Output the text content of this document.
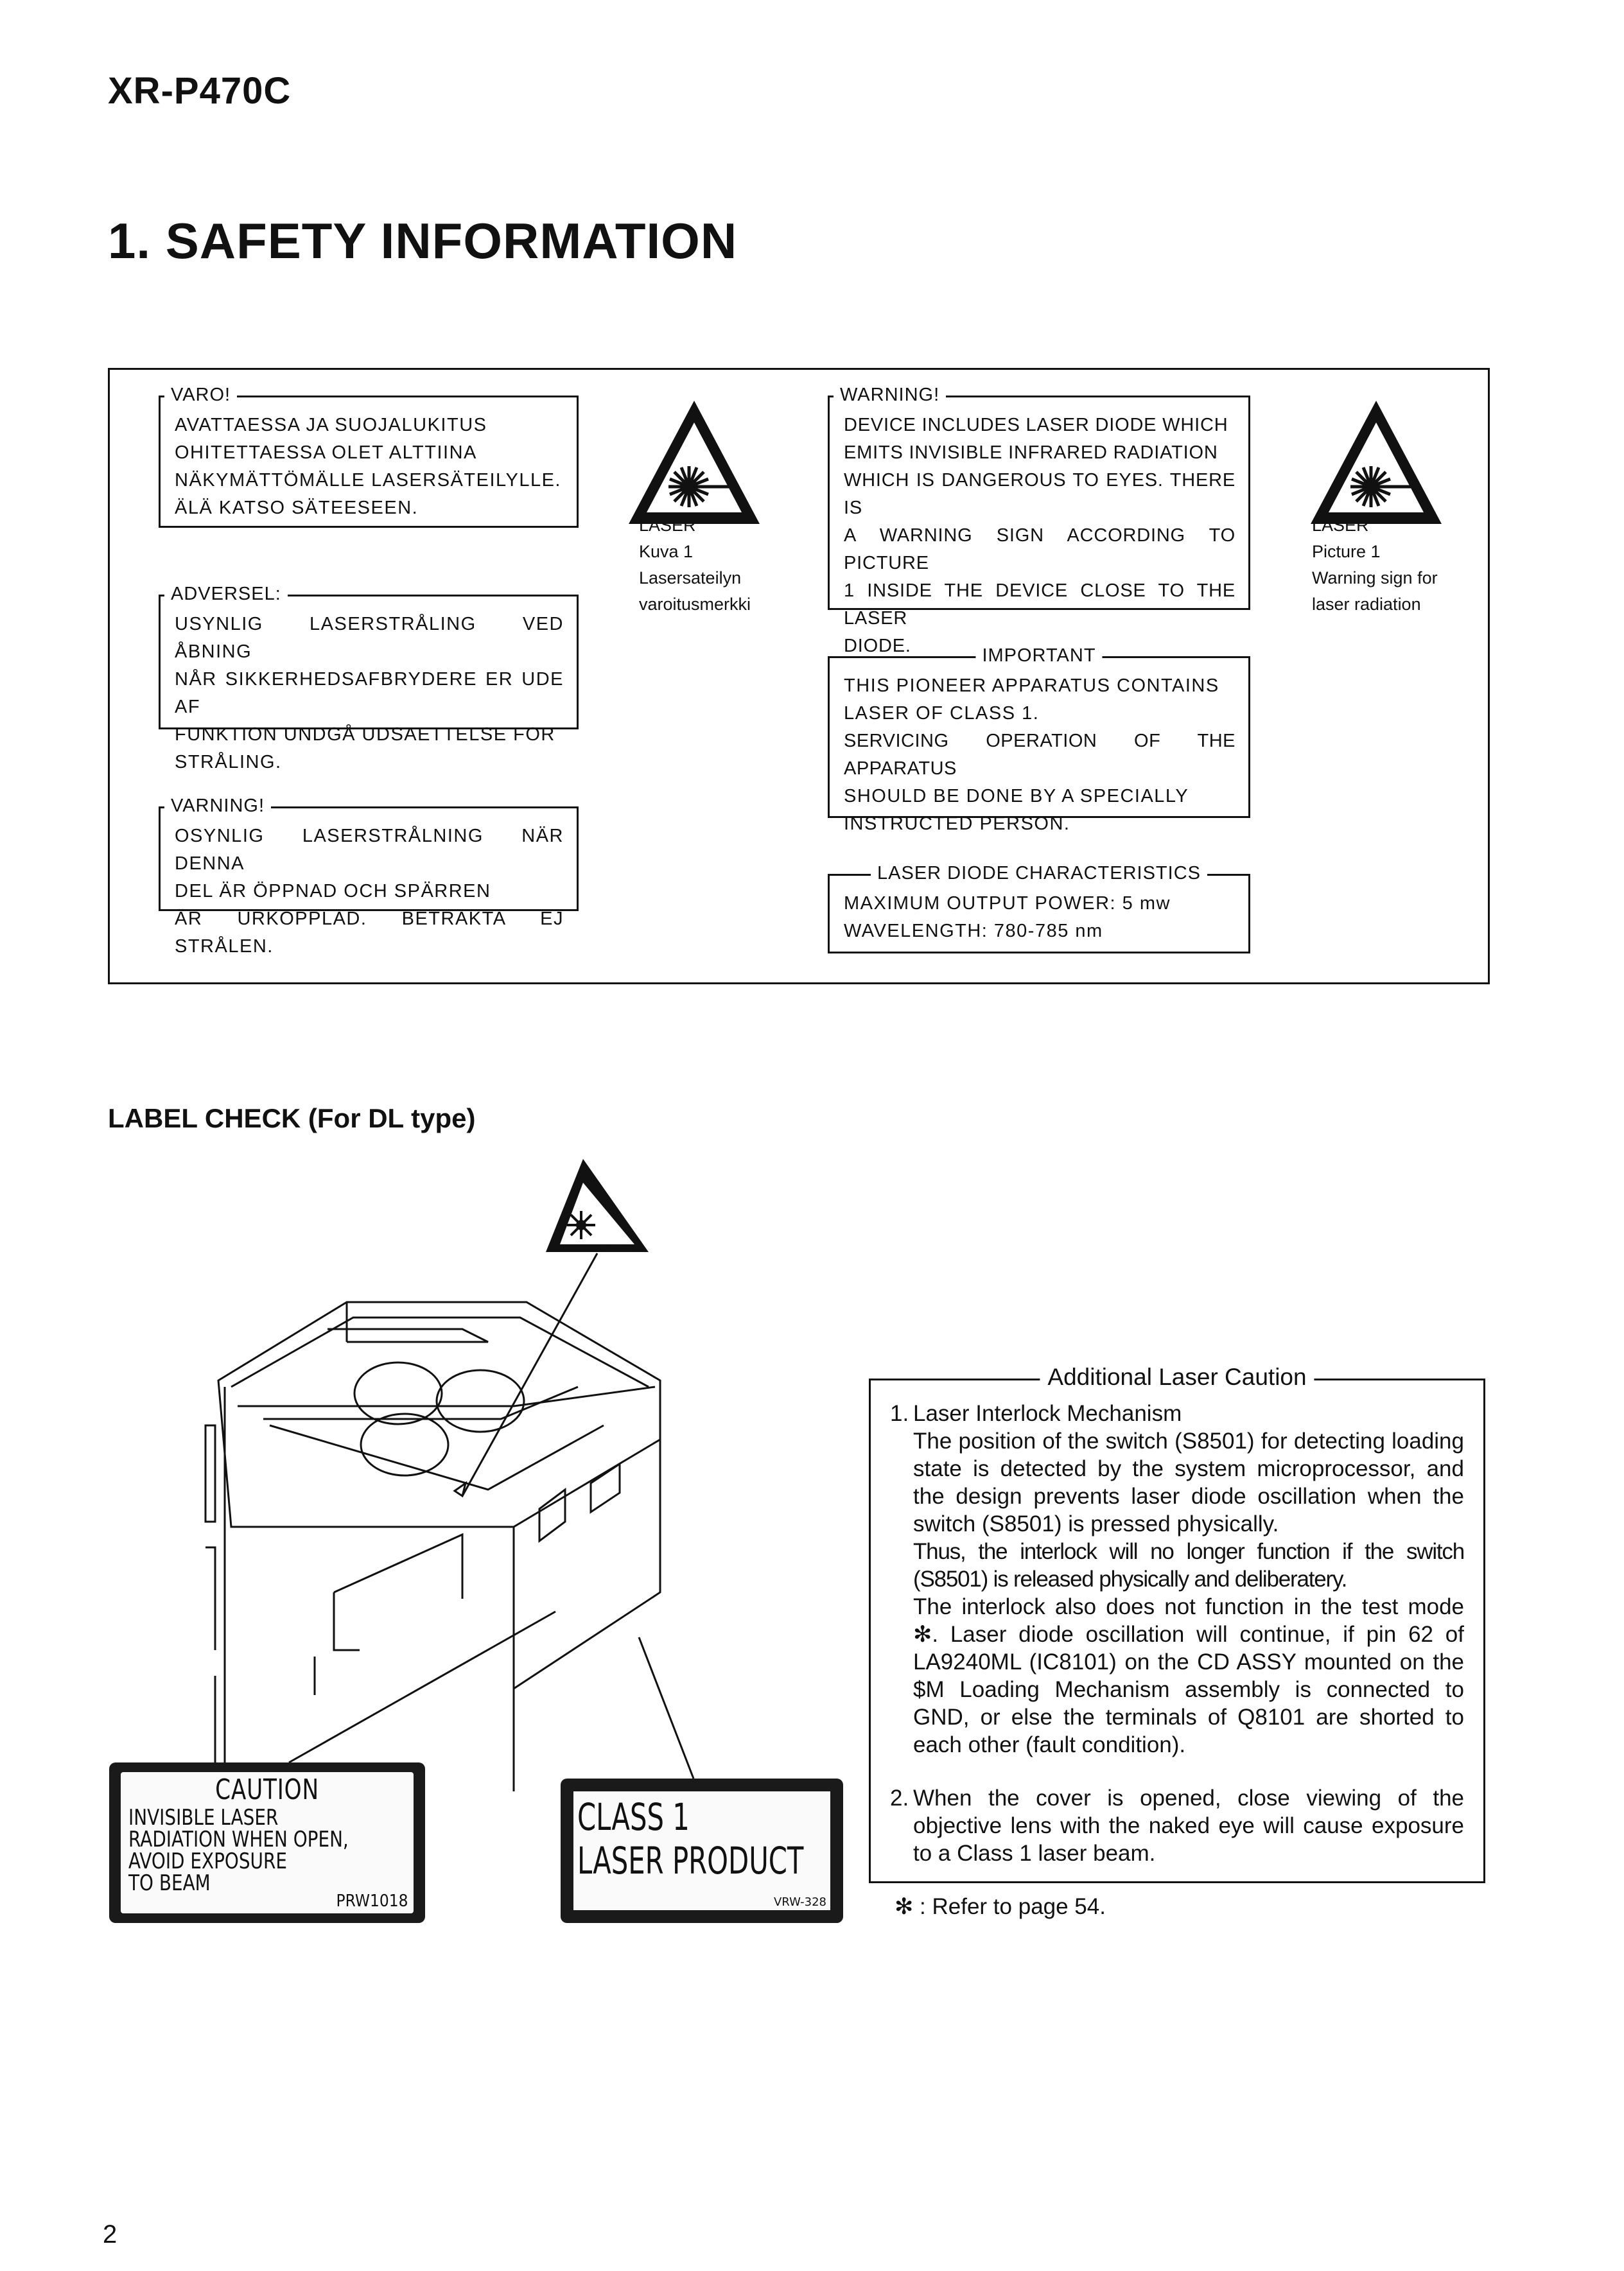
XR-P470C
1. SAFETY INFORMATION
VARO!
AVATTAESSA JA SUOJALUKITUS
OHITETTAESSA OLET ALTTIINA
NÄKYMÄTTÖMÄLLE LASERSÄTEILYLLE.
ÄLÄ KATSO SÄTEESEEN.
ADVERSEL:
USYNLIG LASERSTRÅLING VED ÅBNING
NÅR SIKKERHEDSAFBRYDERE ER UDE AF
FUNKTION UNDGÅ UDSAETTELSE FOR
STRÅLING.
VARNING!
OSYNLIG LASERSTRÅLNING NÄR DENNA
DEL ÄR ÖPPNAD OCH SPÄRREN
ÄR URKOPPLAD. BETRAKTA EJ STRÅLEN.
LASER
Kuva 1
Lasersateilyn
varoitusmerkki
WARNING!
DEVICE INCLUDES LASER DIODE WHICH
EMITS INVISIBLE INFRARED RADIATION
WHICH IS DANGEROUS TO EYES. THERE IS
A WARNING SIGN ACCORDING TO PICTURE
1 INSIDE THE DEVICE CLOSE TO THE LASER
DIODE.
LASER
Picture 1
Warning sign for
laser radiation
IMPORTANT
THIS PIONEER APPARATUS CONTAINS
LASER OF CLASS 1.
SERVICING OPERATION OF THE APPARATUS
SHOULD BE DONE BY A SPECIALLY
INSTRUCTED PERSON.
LASER DIODE CHARACTERISTICS
MAXIMUM OUTPUT POWER: 5 mw
WAVELENGTH: 780-785 nm
LABEL CHECK (For DL type)
VRW-329
CAUTION
INVISIBLE LASER
RADIATION WHEN OPEN,
AVOID EXPOSURE
TO BEAM
PRW1018
CLASS 1
LASER PRODUCT
VRW-328
Additional Laser Caution
1. Laser Interlock Mechanism
The position of the switch (S8501) for detecting loading state is detected by the system microprocessor, and the design prevents laser diode oscillation when the switch (S8501) is pressed physically.
Thus, the interlock will no longer function if the switch (S8501) is released physically and deliberatery.
The interlock also does not function in the test mode ✻. Laser diode oscillation will continue, if pin 62 of LA9240ML (IC8101) on the CD ASSY mounted on the $M Loading Mechanism assembly is connected to GND, or else the terminals of Q8101 are shorted to each other (fault condition).
2. When the cover is opened, close viewing of the objective lens with the naked eye will cause exposure to a Class 1 laser beam.
✻ : Refer to page 54.
2
